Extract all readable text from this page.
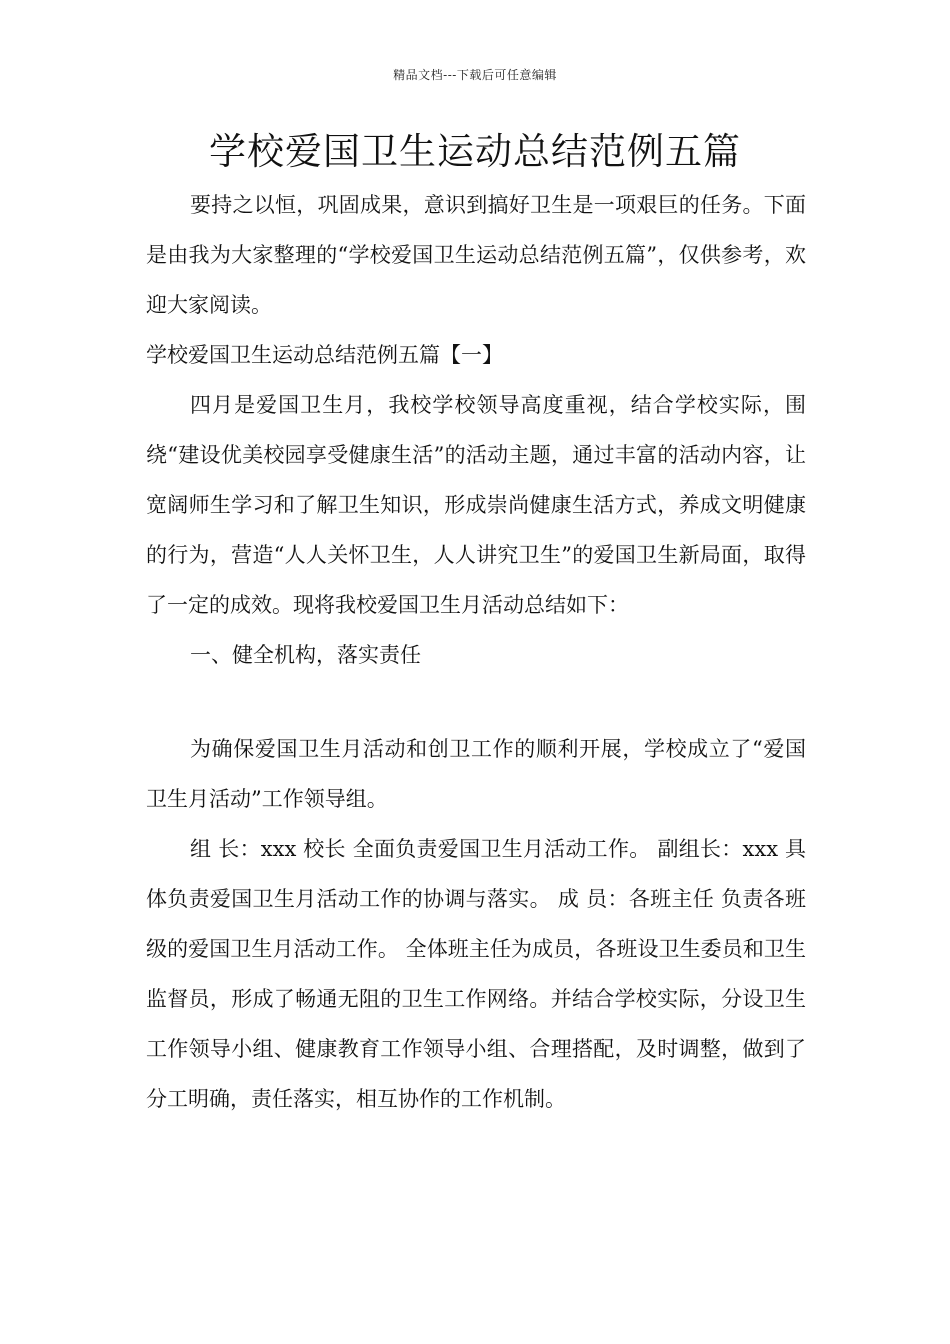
精品文档---下载后可任意编辑
学校爱国卫生运动总结范例五篇

要持之以恒，巩固成果，意识到搞好卫生是一项艰巨的任务。下面是由我为大家整理的“学校爱国卫生运动总结范例五篇”，仅供参考，欢迎大家阅读。

学校爱国卫生运动总结范例五篇【一】

四月是爱国卫生月，我校学校领导高度重视，结合学校实际，围绕“建设优美校园享受健康生活”的活动主题，通过丰富的活动内容，让宽阔师生学习和了解卫生知识，形成崇尚健康生活方式，养成文明健康的行为，营造“人人关怀卫生，人人讲究卫生”的爱国卫生新局面，取得了一定的成效。现将我校爱国卫生月活动总结如下：

一、健全机构，落实责任

为确保爱国卫生月活动和创卫工作的顺利开展，学校成立了“爱国卫生月活动”工作领导组。

组 长：xxx 校长 全面负责爱国卫生月活动工作。 副组长：xxx 具体负责爱国卫生月活动工作的协调与落实。 成 员：各班主任 负责各班级的爱国卫生月活动工作。 全体班主任为成员，各班设卫生委员和卫生监督员，形成了畅通无阻的卫生工作网络。并结合学校实际，分设卫生工作领导小组、健康教育工作领导小组、合理搭配，及时调整，做到了分工明确，责任落实，相互协作的工作机制。
